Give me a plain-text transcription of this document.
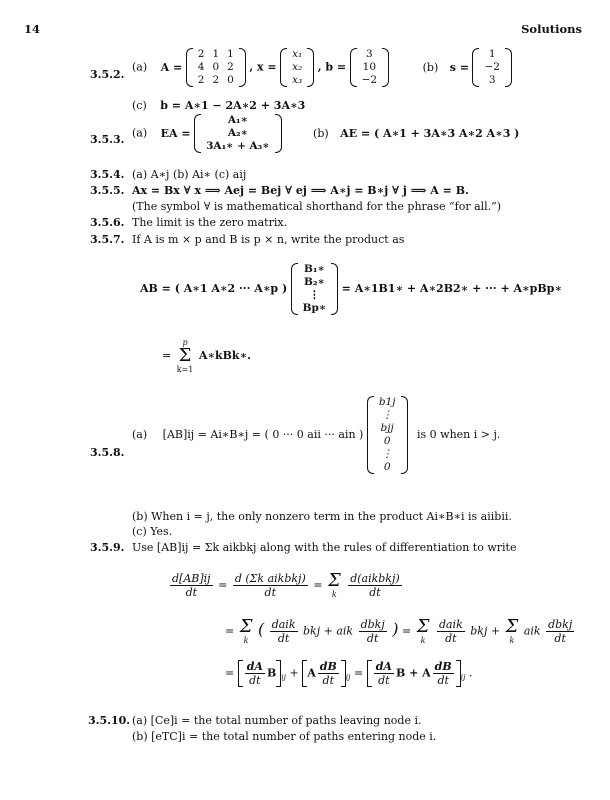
14	Solutions
3.5.2.
(a) A =
2	1	1
4	0	2
2	2	0
, x =
x₁
x₂
x₃
, b =
3
10
−2
(b) s =
1
−2
3
(c) b = A∗1 − 2A∗2 + 3A∗3
3.5.3. (a) EA =
A₁∗
A₂∗
3A₁∗ + A₃∗
(b) AE = ( A∗1 + 3A∗3 A∗2 A∗3 )
3.5.4. (a) A∗j (b) Ai∗ (c) aij
3.5.5. Ax = Bx ∀ x ⟹ Aej = Bej ∀ ej ⟹ A∗j = B∗j ∀ j ⟹ A = B.
(The symbol ∀ is mathematical shorthand for the phrase “for all.”)
3.5.6. The limit is the zero matrix.
3.5.7. If A is m × p and B is p × n, write the product as
AB = ( A∗1 A∗2 ··· A∗p )
B₁∗
B₂∗
⋮
Bp∗
= A∗1B1∗ + A∗2B2∗ + ··· + A∗pBp∗
= p
Σ
k=1 A∗kBk∗.
3.5.8.
(a) [AB]ij = Ai∗B∗j = ( 0 ··· 0 aii ··· ain )
b1j
⋮
bjj
0
⋮
0
is 0 when i > j.
(b) When i = j, the only nonzero term in the product Ai∗B∗i is aiibii.
(c) Yes.
3.5.9. Use [AB]ij = Σk aikbkj along with the rules of differentiation to write
$\frac{d[AB]ij}{dt} = \frac{\text{d (Σk aikbkj)}}{dt} = \Sigma$
k $\frac{\text{d(aikbkj)}}{dt}$
= Σ
k ( $\frac{\text{daik}}{dt}$ bkj + aik $\frac{\text{dbkj}}{dt}$ ) = Σ
k $\frac{\text{daik}}{dt}$ bkj + Σ
k aik $\frac{\text{dbkj}}{dt}$
= $\frac{dA}{dt}$ B $_{ij}$ + A $\frac{dB}{dt} _{ij} = \frac{dA}{dt}$ B + A $\frac{dB}{dt} _{ij}$ .
3.5.10. (a) [Ce]i = the total number of paths leaving node i.
(b) [eTC]i = the total number of paths entering node i.
